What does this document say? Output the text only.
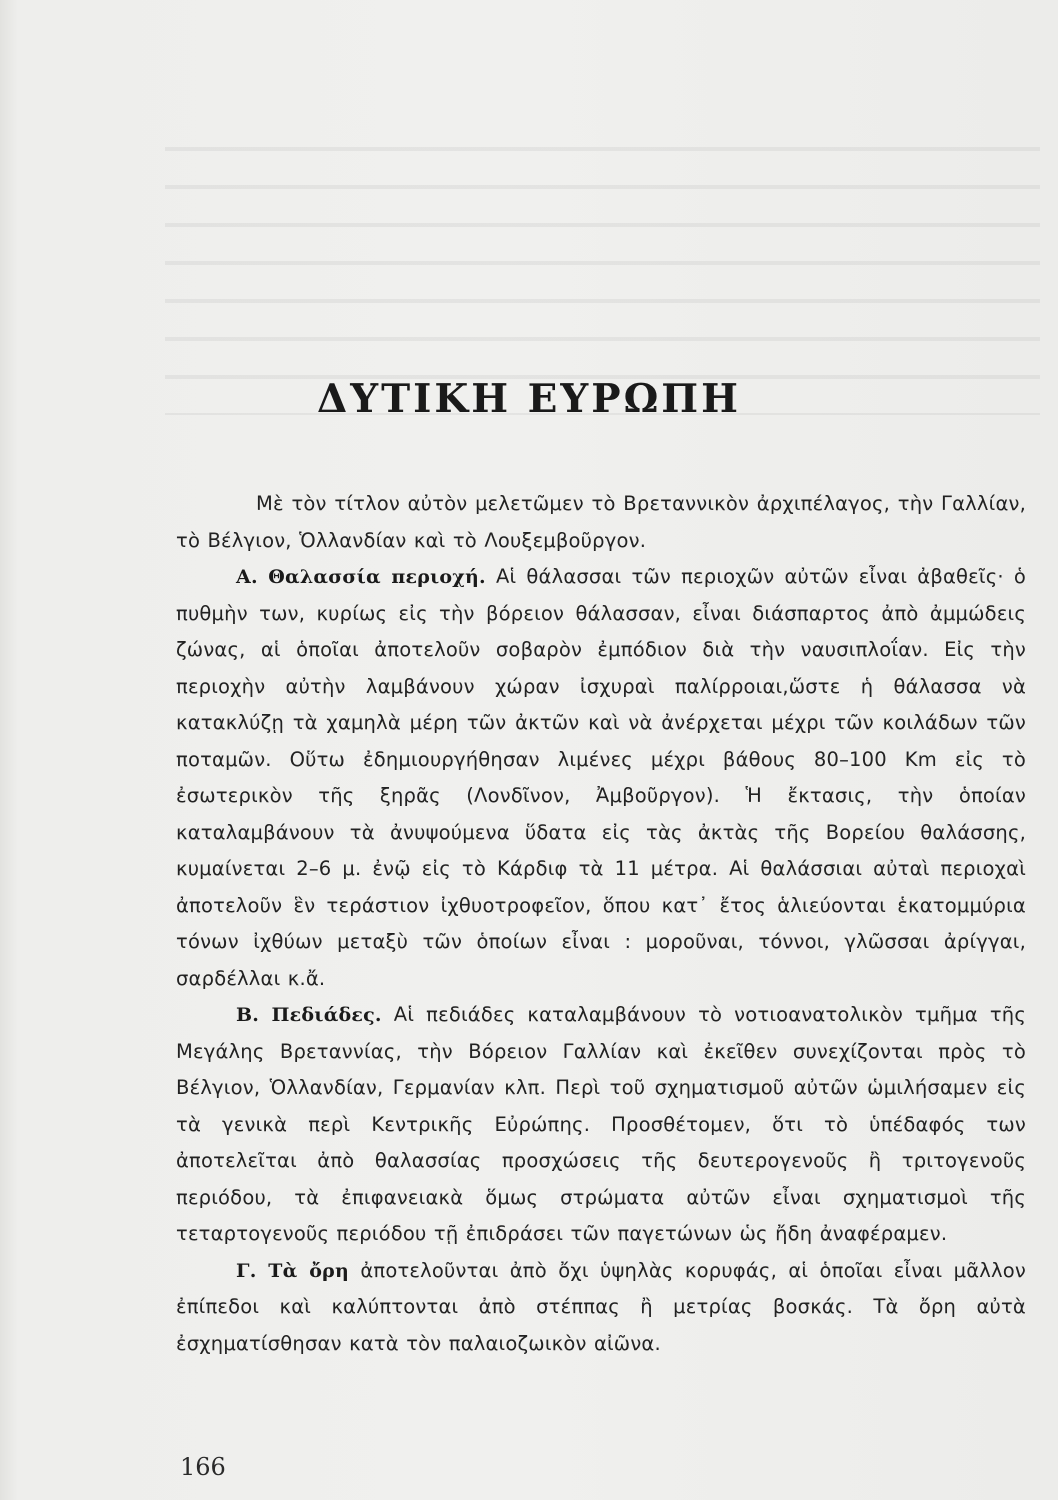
ΔΥΤΙΚΗ ΕΥΡΩΠΗ

Μὲ τὸν τίτλον αὐτὸν μελετῶμεν τὸ Βρεταννικὸν ἀρχιπέλαγος, τὴν Γαλλίαν, τὸ Βέλγιον, Ὁλλανδίαν καὶ τὸ Λουξεμβοῦργον.

Α. Θαλασσία περιοχή. Αἱ θάλασσαι τῶν περιοχῶν αὐτῶν εἶναι ἀβαθεῖς· ὁ πυθμὴν των, κυρίως εἰς τὴν βόρειον θάλασσαν, εἶναι διάσπαρτος ἀπὸ ἀμμώδεις ζώνας, αἱ ὁποῖαι ἀποτελοῦν σοβαρὸν ἐμπόδιον διὰ τὴν ναυσιπλοΐαν. Εἰς τὴν περιοχὴν αὐτὴν λαμβάνουν χώραν ἰσχυραὶ παλίρροιαι,ὥστε ἡ θάλασσα νὰ κατακλύζῃ τὰ χαμηλὰ μέρη τῶν ἀκτῶν καὶ νὰ ἀνέρχεται μέχρι τῶν κοιλάδων τῶν ποταμῶν. Οὕτω ἐδημιουργήθησαν λιμένες μέχρι βάθους 80–100 Km εἰς τὸ ἐσωτερικὸν τῆς ξηρᾶς (Λονδῖνον, Ἀμβοῦργον). Ἡ ἔκτασις, τὴν ὁποίαν καταλαμβάνουν τὰ ἀνυψούμενα ὕδατα εἰς τὰς ἀκτὰς τῆς Βορείου θαλάσσης, κυμαίνεται 2–6 μ. ἐνῷ εἰς τὸ Κάρδιφ τὰ 11 μέτρα. Αἱ θαλάσσιαι αὐταὶ περιοχαὶ ἀποτελοῦν ἓν τεράστιον ἰχθυοτροφεῖον, ὅπου κατ᾿ ἔτος ἁλιεύονται ἑκατομμύρια τόνων ἰχθύων μεταξὺ τῶν ὁποίων εἶναι : μοροῦναι, τόννοι, γλῶσσαι ἀρίγγαι, σαρδέλλαι κ.ἄ.

Β. Πεδιάδες. Αἱ πεδιάδες καταλαμβάνουν τὸ νοτιοανατολικὸν τμῆμα τῆς Μεγάλης Βρεταννίας, τὴν Βόρειον Γαλλίαν καὶ ἐκεῖθεν συνεχίζονται πρὸς τὸ Βέλγιον, Ὁλλανδίαν, Γερμανίαν κλπ. Περὶ τοῦ σχηματισμοῦ αὐτῶν ὡμιλήσαμεν εἰς τὰ γενικὰ περὶ Κεντρικῆς Εὐρώπης. Προσθέτομεν, ὅτι τὸ ὑπέδαφός των ἀποτελεῖται ἀπὸ θαλασσίας προσχώσεις τῆς δευτερογενοῦς ἢ τριτογενοῦς περιόδου, τὰ ἐπιφανειακὰ ὅμως στρώματα αὐτῶν εἶναι σχηματισμοὶ τῆς τεταρτογενοῦς περιόδου τῇ ἐπιδράσει τῶν παγετώνων ὡς ἤδη ἀναφέραμεν.

Γ. Τὰ ὄρη ἀποτελοῦνται ἀπὸ ὄχι ὑψηλὰς κορυφάς, αἱ ὁποῖαι εἶναι μᾶλλον ἐπίπεδοι καὶ καλύπτονται ἀπὸ στέππας ἢ μετρίας βοσκάς. Τὰ ὄρη αὐτὰ ἐσχηματίσθησαν κατὰ τὸν παλαιοζωικὸν αἰῶνα.

166
